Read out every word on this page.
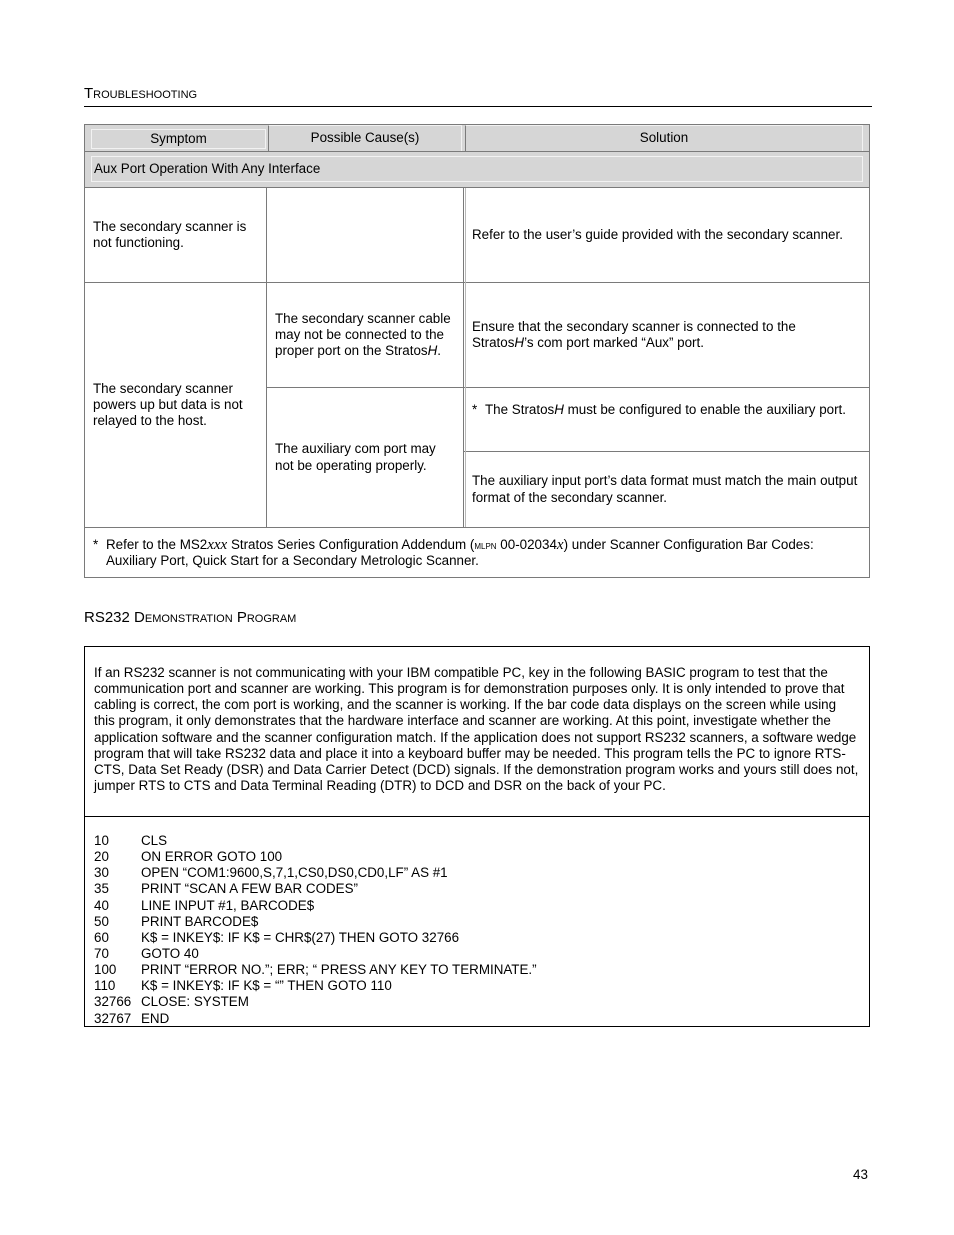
Troubleshooting
Symptom	Possible Cause(s)	Solution
Aux Port Operation With Any Interface
The secondary scanner is not functioning.
Refer to the user’s guide provided with the secondary scanner.
The secondary scanner powers up but data is not relayed to the host.
The secondary scanner cable may not be connected to the proper port on the StratosH.
Ensure that the secondary scanner is connected to the StratosH’s com port marked “Aux” port.
The auxiliary com port may not be operating properly.
* The StratosH must be configured to enable the auxiliary port.
The auxiliary input port’s data format must match the main output format of the secondary scanner.
* Refer to the MS2xxx Stratos Series Configuration Addendum (mlpn 00-02034x) under Scanner Configuration Bar Codes: Auxiliary Port, Quick Start for a Secondary Metrologic Scanner.
RS232 Demonstration Program
If an RS232 scanner is not communicating with your IBM compatible PC, key in the following BASIC program to test that the communication port and scanner are working. This program is for demonstration purposes only. It is only intended to prove that cabling is correct, the com port is working, and the scanner is working. If the bar code data displays on the screen while using this program, it only demonstrates that the hardware interface and scanner are working. At this point, investigate whether the application software and the scanner configuration match. If the application does not support RS232 scanners, a software wedge program that will take RS232 data and place it into a keyboard buffer may be needed. This program tells the PC to ignore RTS-CTS, Data Set Ready (DSR) and Data Carrier Detect (DCD) signals. If the demonstration program works and yours still does not, jumper RTS to CTS and Data Terminal Reading (DTR) to DCD and DSR on the back of your PC.
10 CLS
20 ON ERROR GOTO 100
30 OPEN “COM1:9600,S,7,1,CS0,DS0,CD0,LF” AS #1
35 PRINT “SCAN A FEW BAR CODES”
40 LINE INPUT #1, BARCODE$
50 PRINT BARCODE$
60 K$ = INKEY$: IF K$ = CHR$(27) THEN GOTO 32766
70 GOTO 40
100 PRINT “ERROR NO.”; ERR; “ PRESS ANY KEY TO TERMINATE.”
110 K$ = INKEY$: IF K$ = “” THEN GOTO 110
32766 CLOSE: SYSTEM
32767 END
43
